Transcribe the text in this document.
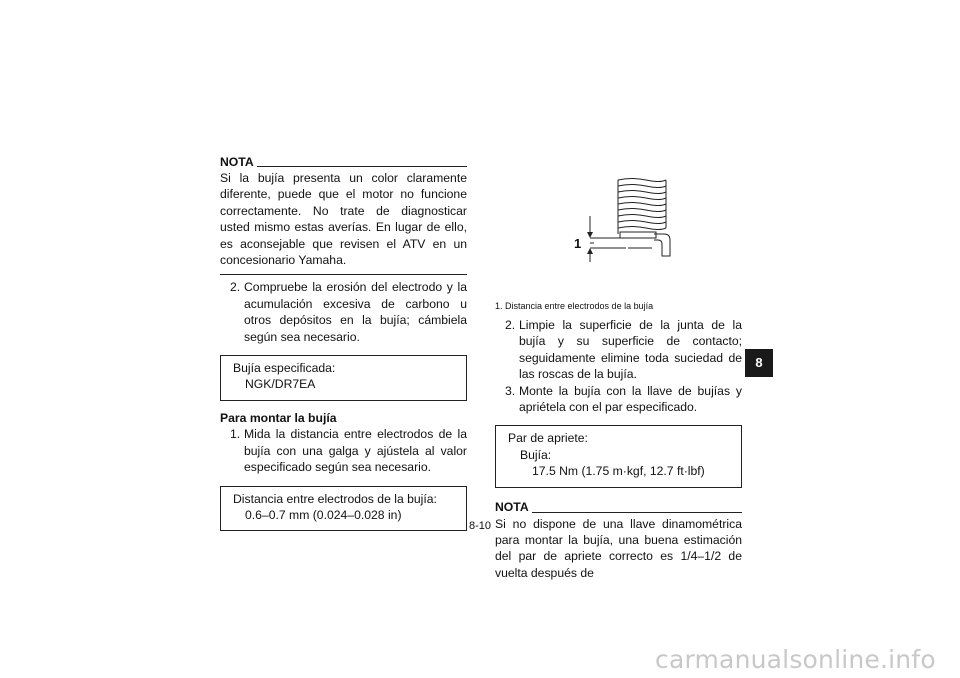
NOTA
Si la bujía presenta un color claramente diferente, puede que el motor no funcione correctamente. No trate de diagnosticar usted mismo estas averías. En lugar de ello, es aconsejable que revisen el ATV en un concesionario Yamaha.
2. Compruebe la erosión del electrodo y la acumulación excesiva de carbono u otros depósitos en la bujía; cámbiela según sea necesario.
Bujía especificada:
NGK/DR7EA
Para montar la bujía
1. Mida la distancia entre electrodos de la bujía con una galga y ajústela al valor especificado según sea necesario.
Distancia entre electrodos de la bujía:
0.6–0.7 mm (0.024–0.028 in)
1
1. Distancia entre electrodos de la bujía
2. Limpie la superficie de la junta de la bujía y su superficie de contacto; seguidamente elimine toda suciedad de las roscas de la bujía.
3. Monte la bujía con la llave de bujías y apriétela con el par especificado.
Par de apriete:
Bujía:
17.5 Nm (1.75 m·kgf, 12.7 ft·lbf)
NOTA
Si no dispone de una llave dinamométrica para montar la bujía, una buena estimación del par de apriete correcto es 1/4–1/2 de vuelta después de
8
8-10
carmanualsonline.info
